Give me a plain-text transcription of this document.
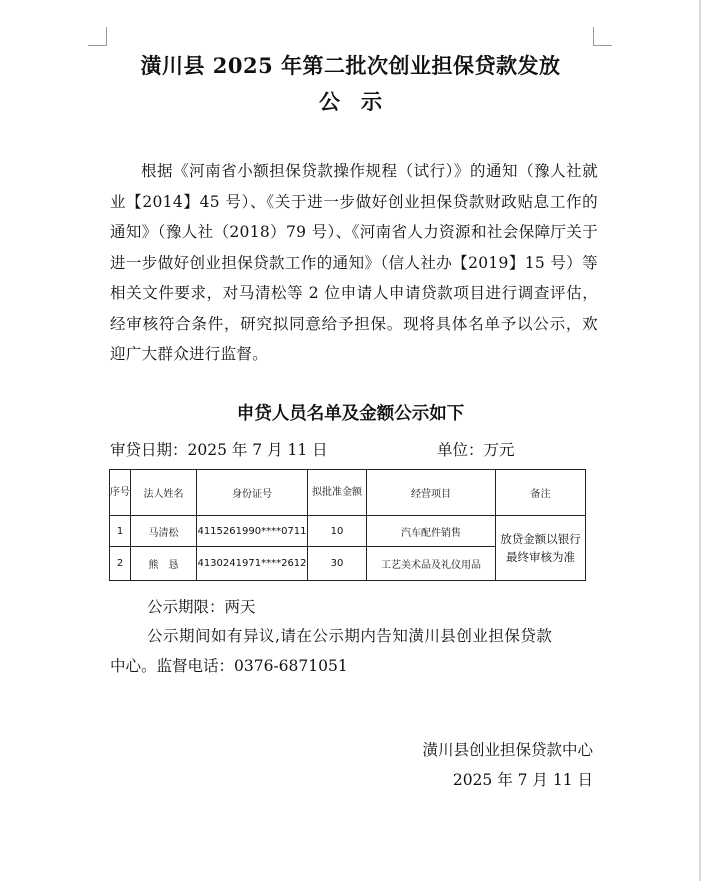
潢川县 2025 年第二批次创业担保贷款发放
公　示
根据《河南省小额担保贷款操作规程（试行）》的通知（豫人社就业【2014】45 号）、《关于进一步做好创业担保贷款财政贴息工作的通知》（豫人社（2018）79 号）、《河南省人力资源和社会保障厅关于进一步做好创业担保贷款工作的通知》（信人社办【2019】15 号）等相关文件要求，对马清松等 2 位申请人申请贷款项目进行调查评估，经审核符合条件，研究拟同意给予担保。现将具体名单予以公示，欢迎广大群众进行监督。
申贷人员名单及金额公示如下
审贷日期：2025 年 7 月 11 日	单位：万元
序号	法人姓名	身份证号	拟批准金额	经营项目	备注
1	马清松	4115261990****0711	10	汽车配件销售	放贷金额以银行最终审核为准
2	熊　恳	4130241971****2612	30	工艺美术品及礼仪用品	
公示期限：两天
公示期间如有异议,请在公示期内告知潢川县创业担保贷款
中心。监督电话：0376-6871051
潢川县创业担保贷款中心
2025 年 7 月 11 日
